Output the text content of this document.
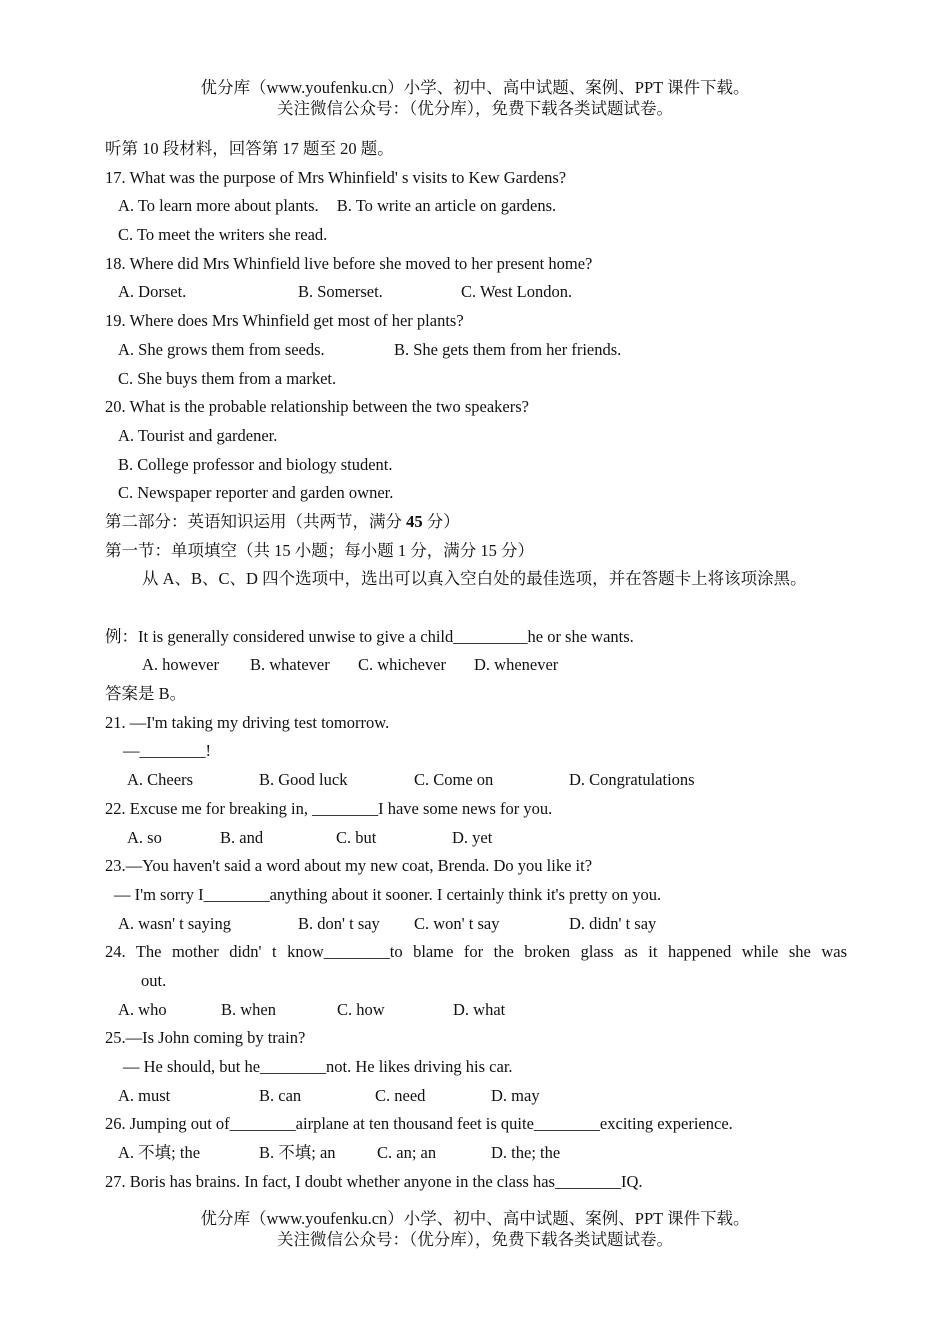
优分库（www.youfenku.cn）小学、初中、高中试题、案例、PPT 课件下载。
关注微信公众号：（优分库），免费下载各类试题试卷。
听第 10 段材料，回答第 17 题至 20 题。
17. What was the purpose of Mrs Whinfield' s visits to Kew Gardens?
A. To learn more about plants. B. To write an article on gardens.
C. To meet the writers she read.
18. Where did Mrs Whinfield live before she moved to her present home?
A. Dorset.	B. Somerset.	C. West London.
19. Where does Mrs Whinfield get most of her plants?
A. She grows them from seeds.	B. She gets them from her friends.
C. She buys them from a market.
20. What is the probable relationship between the two speakers?
A. Tourist and gardener.
B. College professor and biology student.
C. Newspaper reporter and garden owner.
第二部分：英语知识运用（共两节，满分 45 分）
第一节：单项填空（共 15 小题；每小题 1 分，满分 15 分）
从 A、B、C、D 四个选项中，选出可以真入空白处的最佳选项，并在答题卡上将该项涂黑。
例：It is generally considered unwise to give a child_________he or she wants.
A. however B. whatever C. whichever D. whenever
答案是 B。
21. —I'm taking my driving test tomorrow.
—________!
A. Cheers	B. Good luck	C. Come on	D. Congratulations
22. Excuse me for breaking in, ________I have some news for you.
A. so	B. and	C. but	D. yet
23.—You haven't said a word about my new coat, Brenda. Do you like it?
— I'm sorry I________anything about it sooner. I certainly think it's pretty on you.
A. wasn' t saying	B. don' t say C. won' t say	D. didn' t say
24. The mother didn' t know________to blame for the broken glass as it happened while she was
out.
A. who	B. when	C. how	D. what
25.—Is John coming by train?
— He should, but he________not. He likes driving his car.
A. must	B. can	C. need	D. may
26. Jumping out of________airplane at ten thousand feet is quite________exciting experience.
A. 不填; the	B. 不填; an	C. an; an	D. the; the
27. Boris has brains. In fact, I doubt whether anyone in the class has________IQ.
优分库（www.youfenku.cn）小学、初中、高中试题、案例、PPT 课件下载。
关注微信公众号：（优分库），免费下载各类试题试卷。
